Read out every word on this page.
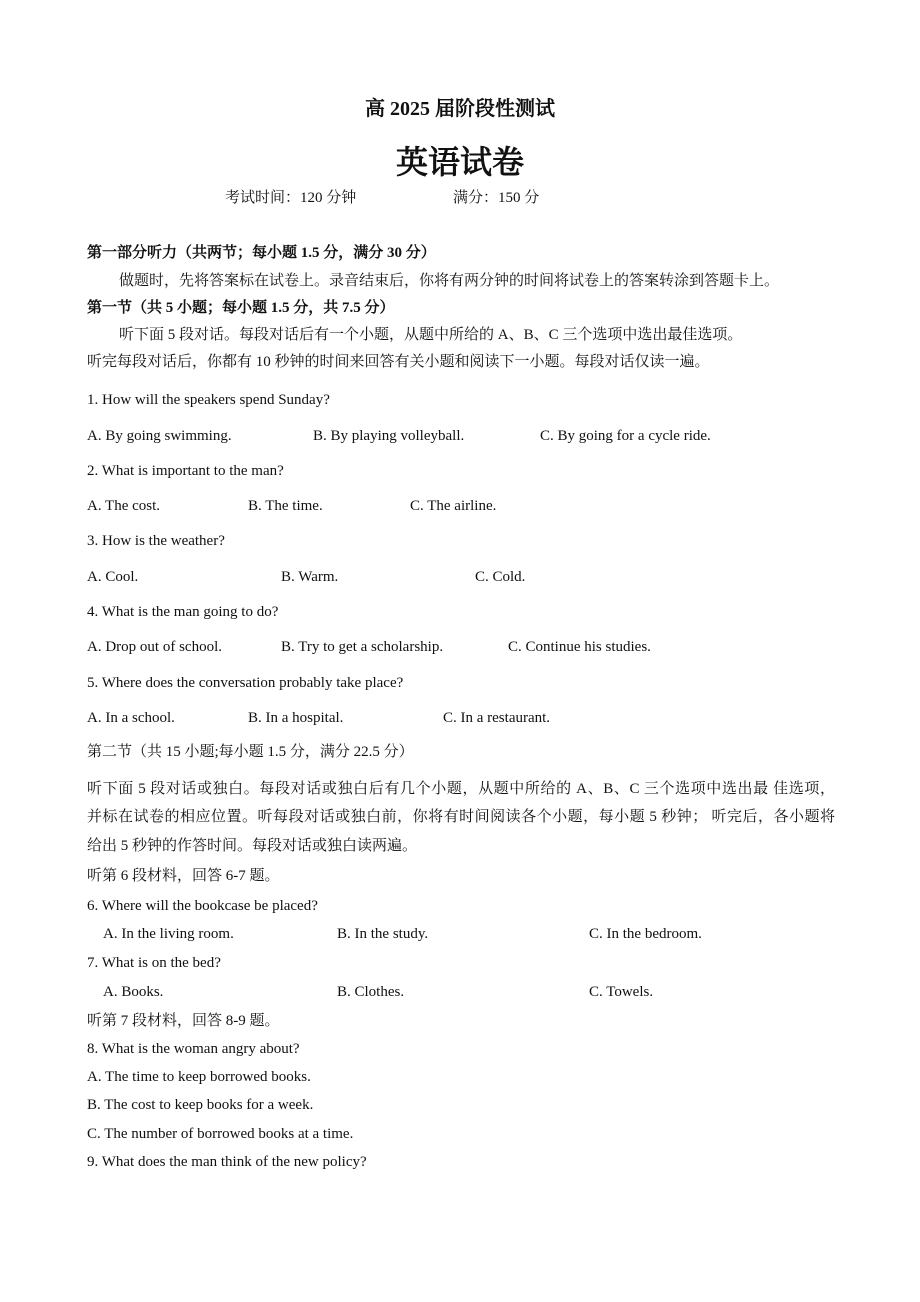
高 2025 届阶段性测试
英语试卷
考试时间：120 分钟	满分：150 分
第一部分听力（共两节；每小题 1.5 分，满分 30 分）
做题时，先将答案标在试卷上。录音结束后，你将有两分钟的时间将试卷上的答案转涂到答题卡上。
第一节（共 5 小题；每小题 1.5 分，共 7.5 分）
听下面 5 段对话。每段对话后有一个小题，从题中所给的 A、B、C 三个选项中选出最佳选项。
听完每段对话后，你都有 10 秒钟的时间来回答有关小题和阅读下一小题。每段对话仅读一遍。
1. How will the speakers spend Sunday?
A. By going swimming.	B. By playing volleyball.	C. By going for a cycle ride.
2. What is important to the man?
A. The cost.	B. The time.	C. The airline.
3. How is the weather?
A. Cool.	B. Warm.	C. Cold.
4. What is the man going to do?
A. Drop out of school.	B. Try to get a scholarship.	C. Continue his studies.
5. Where does the conversation probably take place?
A. In a school.	B. In a hospital.	C. In a restaurant.
第二节（共 15 小题;每小题 1.5 分，满分 22.5 分）
听下面 5 段对话或独白。每段对话或独白后有几个小题，从题中所给的 A、B、C 三个选项中选出最 佳选项，
并标在试卷的相应位置。听每段对话或独白前，你将有时间阅读各个小题，每小题 5 秒钟； 听完后，各小题将
给出 5 秒钟的作答时间。每段对话或独白读两遍。
听第 6 段材料，回答 6-7 题。
6. Where will the bookcase be placed?
A. In the living room.	B. In the study.	C. In the bedroom.
7. What is on the bed?
A. Books.	B. Clothes.	C. Towels.
听第 7 段材料，回答 8-9 题。
8. What is the woman angry about?
A. The time to keep borrowed books.
B. The cost to keep books for a week.
C. The number of borrowed books at a time.
9. What does the man think of the new policy?
